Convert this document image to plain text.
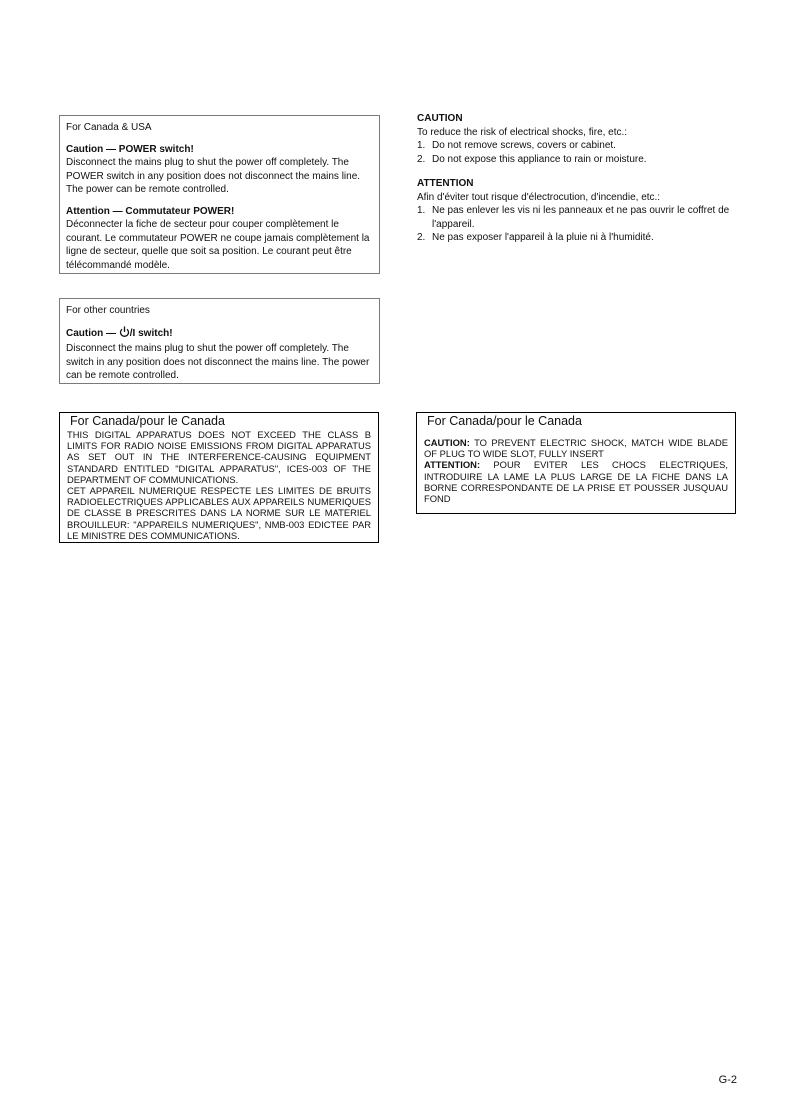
For Canada & USA

Caution — POWER switch!

Disconnect the mains plug to shut the power off completely. The POWER switch in any position does not disconnect the mains line. The power can be remote controlled.

Attention — Commutateur POWER!

Déconnecter la fiche de secteur pour couper complètement le courant. Le commutateur POWER ne coupe jamais complètement la ligne de secteur, quelle que soit sa position. Le courant peut être télécommandé modèle.

For other countries

Caution — /I switch!

Disconnect the mains plug to shut the power off completely. The switch in any position does not disconnect the mains line. The power can be remote controlled.

CAUTION

To reduce the risk of electrical shocks, fire, etc.:

1. Do not remove screws, covers or cabinet.
2. Do not expose this appliance to rain or moisture.

ATTENTION

Afin d'éviter tout risque d'électrocution, d'incendie, etc.:

1. Ne pas enlever les vis ni les panneaux et ne pas ouvrir le coffret de l'appareil.
2. Ne pas exposer l'appareil à la pluie ni à l'humidité.

For Canada/pour le Canada

THIS DIGITAL APPARATUS DOES NOT EXCEED THE CLASS B LIMITS FOR RADIO NOISE EMISSIONS FROM DIGITAL APPARATUS AS SET OUT IN THE INTERFERENCE-CAUSING EQUIPMENT STANDARD ENTITLED "DIGITAL APPARATUS", ICES-003 OF THE DEPARTMENT OF COMMUNICATIONS.

CET APPAREIL NUMERIQUE RESPECTE LES LIMITES DE BRUITS RADIOELECTRIQUES APPLICABLES AUX APPAREILS NUMERIQUES DE CLASSE B PRESCRITES DANS LA NORME SUR LE MATERIEL BROUILLEUR: "APPAREILS NUMERIQUES", NMB-003 EDICTEE PAR LE MINISTRE DES COMMUNICATIONS.

For Canada/pour le Canada

CAUTION: TO PREVENT ELECTRIC SHOCK, MATCH WIDE BLADE OF PLUG TO WIDE SLOT, FULLY INSERT

ATTENTION: POUR EVITER LES CHOCS ELECTRIQUES, INTRODUIRE LA LAME LA PLUS LARGE DE LA FICHE DANS LA BORNE CORRESPONDANTE DE LA PRISE ET POUSSER JUSQUAU FOND

G-2
